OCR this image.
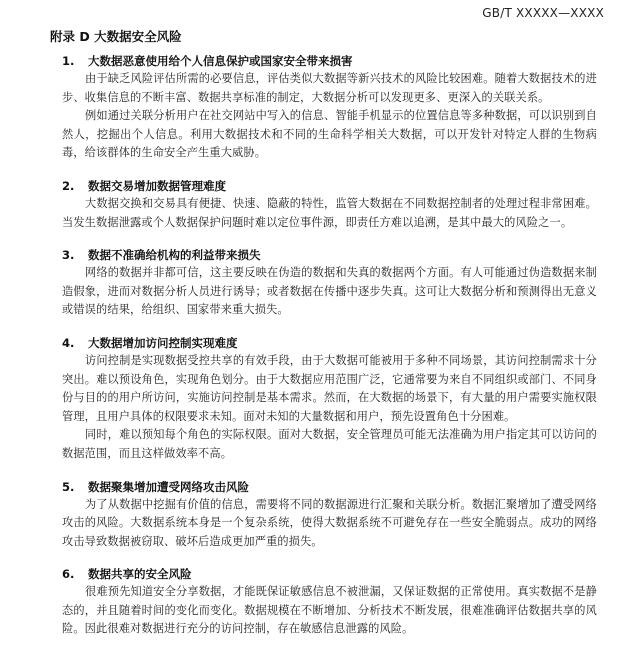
GB/T XXXXX—XXXX
附录 D 大数据安全风险
1.	大数据恶意使用给个人信息保护或国家安全带来损害
由于缺乏风险评估所需的必要信息，评估类似大数据等新兴技术的风险比较困难。随着大数据技术的进步、收集信息的不断丰富、数据共享标准的制定，大数据分析可以发现更多、更深入的关联关系。
例如通过关联分析用户在社交网站中写入的信息、智能手机显示的位置信息等多种数据，可以识别到自然人，挖掘出个人信息。利用大数据技术和不同的生命科学相关大数据，可以开发针对特定人群的生物病毒，给该群体的生命安全产生重大威胁。
2.	数据交易增加数据管理难度
大数据交换和交易具有便捷、快速、隐蔽的特性，监管大数据在不同数据控制者的处理过程非常困难。当发生数据泄露或个人数据保护问题时难以定位事件源，即责任方难以追溯，是其中最大的风险之一。
3.	数据不准确给机构的利益带来损失
网络的数据并非都可信，这主要反映在伪造的数据和失真的数据两个方面。有人可能通过伪造数据来制造假象，进而对数据分析人员进行诱导；或者数据在传播中逐步失真。这可让大数据分析和预测得出无意义或错误的结果，给组织、国家带来重大损失。
4.	大数据增加访问控制实现难度
访问控制是实现数据受控共享的有效手段，由于大数据可能被用于多种不同场景，其访问控制需求十分突出。难以预设角色，实现角色划分。由于大数据应用范围广泛，它通常要为来自不同组织或部门、不同身份与目的的用户所访问，实施访问控制是基本需求。然而，在大数据的场景下，有大量的用户需要实施权限管理，且用户具体的权限要求未知。面对未知的大量数据和用户，预先设置角色十分困难。
同时，难以预知每个角色的实际权限。面对大数据，安全管理员可能无法准确为用户指定其可以访问的数据范围，而且这样做效率不高。
5.	数据聚集增加遭受网络攻击风险
为了从数据中挖掘有价值的信息，需要将不同的数据源进行汇聚和关联分析。数据汇聚增加了遭受网络攻击的风险。大数据系统本身是一个复杂系统，使得大数据系统不可避免存在一些安全脆弱点。成功的网络攻击导致数据被窃取、破坏后造成更加严重的损失。
6.	数据共享的安全风险
很难预先知道安全分享数据，才能既保证敏感信息不被泄漏，又保证数据的正常使用。真实数据不是静态的，并且随着时间的变化而变化。数据规模在不断增加、分析技术不断发展，很难准确评估数据共享的风险。因此很难对数据进行充分的访问控制，存在敏感信息泄露的风险。
